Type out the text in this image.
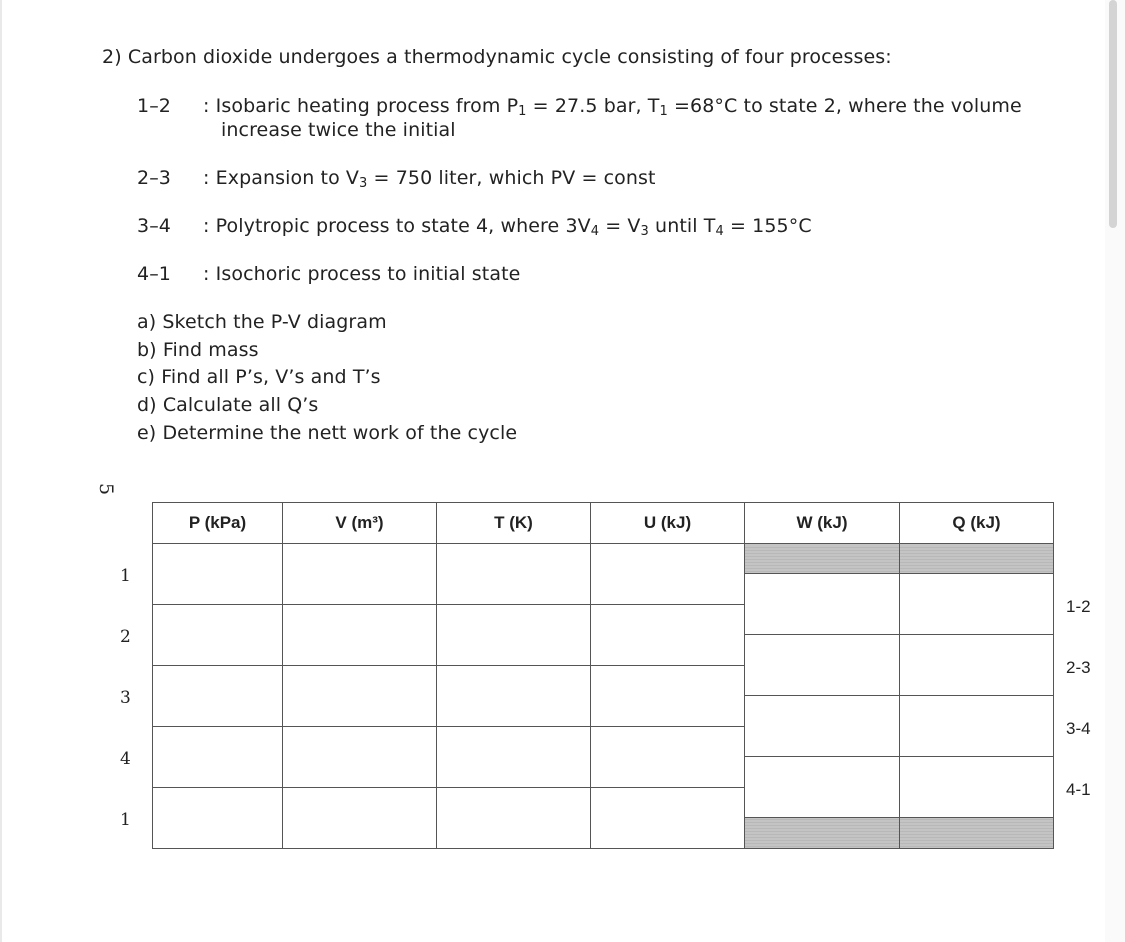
2) Carbon dioxide undergoes a thermodynamic cycle consisting of four processes:
1–2 : Isobaric heating process from $P_1 = 27.5$ bar, $T_1 =68^\circ C$ to state 2, where the volume
increase twice the initial
2–3 : Expansion to $V_3 = 750$ liter, which PV = const
3–4 : Polytropic process to state 4, where $3V_4 = V_3$ until $T_4 = 155^\circ C$
4–1 : Isochoric process to initial state
a) Sketch the P-V diagram
b) Find mass
c) Find all P’s, V’s and T’s
d) Calculate all Q’s
e) Determine the nett work of the cycle
5
P (kPa)	V (m³)	T (K)	U (kJ)	W (kJ)	Q (kJ)

1
2
3
4
1
1-2
2-3
3-4
4-1
